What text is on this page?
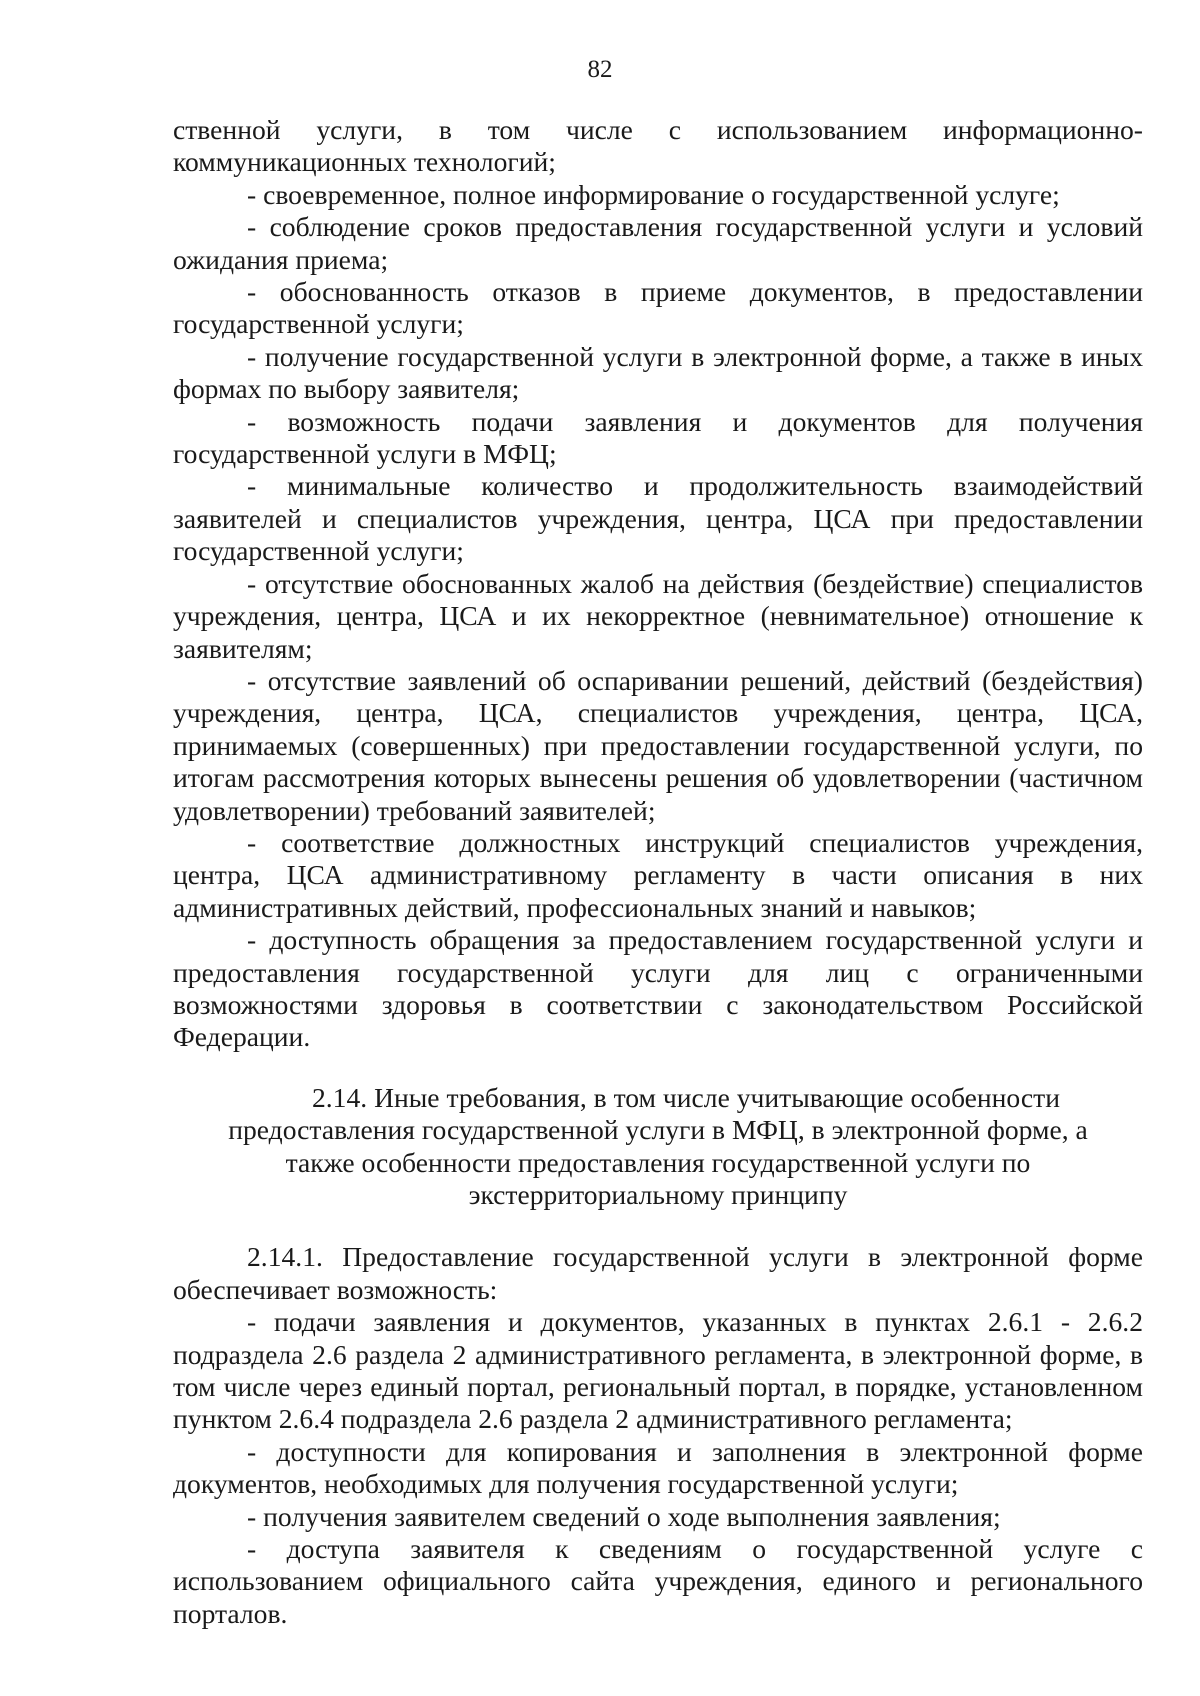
82

ственной услуги, в том числе с использованием информационно-коммуникационных технологий;

- своевременное, полное информирование о государственной услуге;

- соблюдение сроков предоставления государственной услуги и условий ожидания приема;

- обоснованность отказов в приеме документов, в предоставлении государственной услуги;

- получение государственной услуги в электронной форме, а также в иных формах по выбору заявителя;

- возможность подачи заявления и документов для получения государственной услуги в МФЦ;

- минимальные количество и продолжительность взаимодействий заявителей и специалистов учреждения, центра, ЦСА при предоставлении государственной услуги;

- отсутствие обоснованных жалоб на действия (бездействие) специалистов учреждения, центра, ЦСА и их некорректное (невнимательное) отношение к заявителям;

- отсутствие заявлений об оспаривании решений, действий (бездействия) учреждения, центра, ЦСА, специалистов учреждения, центра, ЦСА, принимаемых (совершенных) при предоставлении государственной услуги, по итогам рассмотрения которых вынесены решения об удовлетворении (частичном удовлетворении) требований заявителей;

- соответствие должностных инструкций специалистов учреждения, центра, ЦСА административному регламенту в части описания в них административных действий, профессиональных знаний и навыков;

- доступность обращения за предоставлением государственной услуги и предоставления государственной услуги для лиц с ограниченными возможностями здоровья в соответствии с законодательством Российской Федерации.

2.14. Иные требования, в том числе учитывающие особенности предоставления государственной услуги в МФЦ, в электронной форме, а также особенности предоставления государственной услуги по экстерриториальному принципу

2.14.1. Предоставление государственной услуги в электронной форме обеспечивает возможность:

- подачи заявления и документов, указанных в пунктах 2.6.1 - 2.6.2 подраздела 2.6 раздела 2 административного регламента, в электронной форме, в том числе через единый портал, региональный портал, в порядке, установленном пунктом 2.6.4 подраздела 2.6 раздела 2 административного регламента;

- доступности для копирования и заполнения в электронной форме документов, необходимых для получения государственной услуги;

- получения заявителем сведений о ходе выполнения заявления;

- доступа заявителя к сведениям о государственной услуге с использованием официального сайта учреждения, единого и регионального порталов.
